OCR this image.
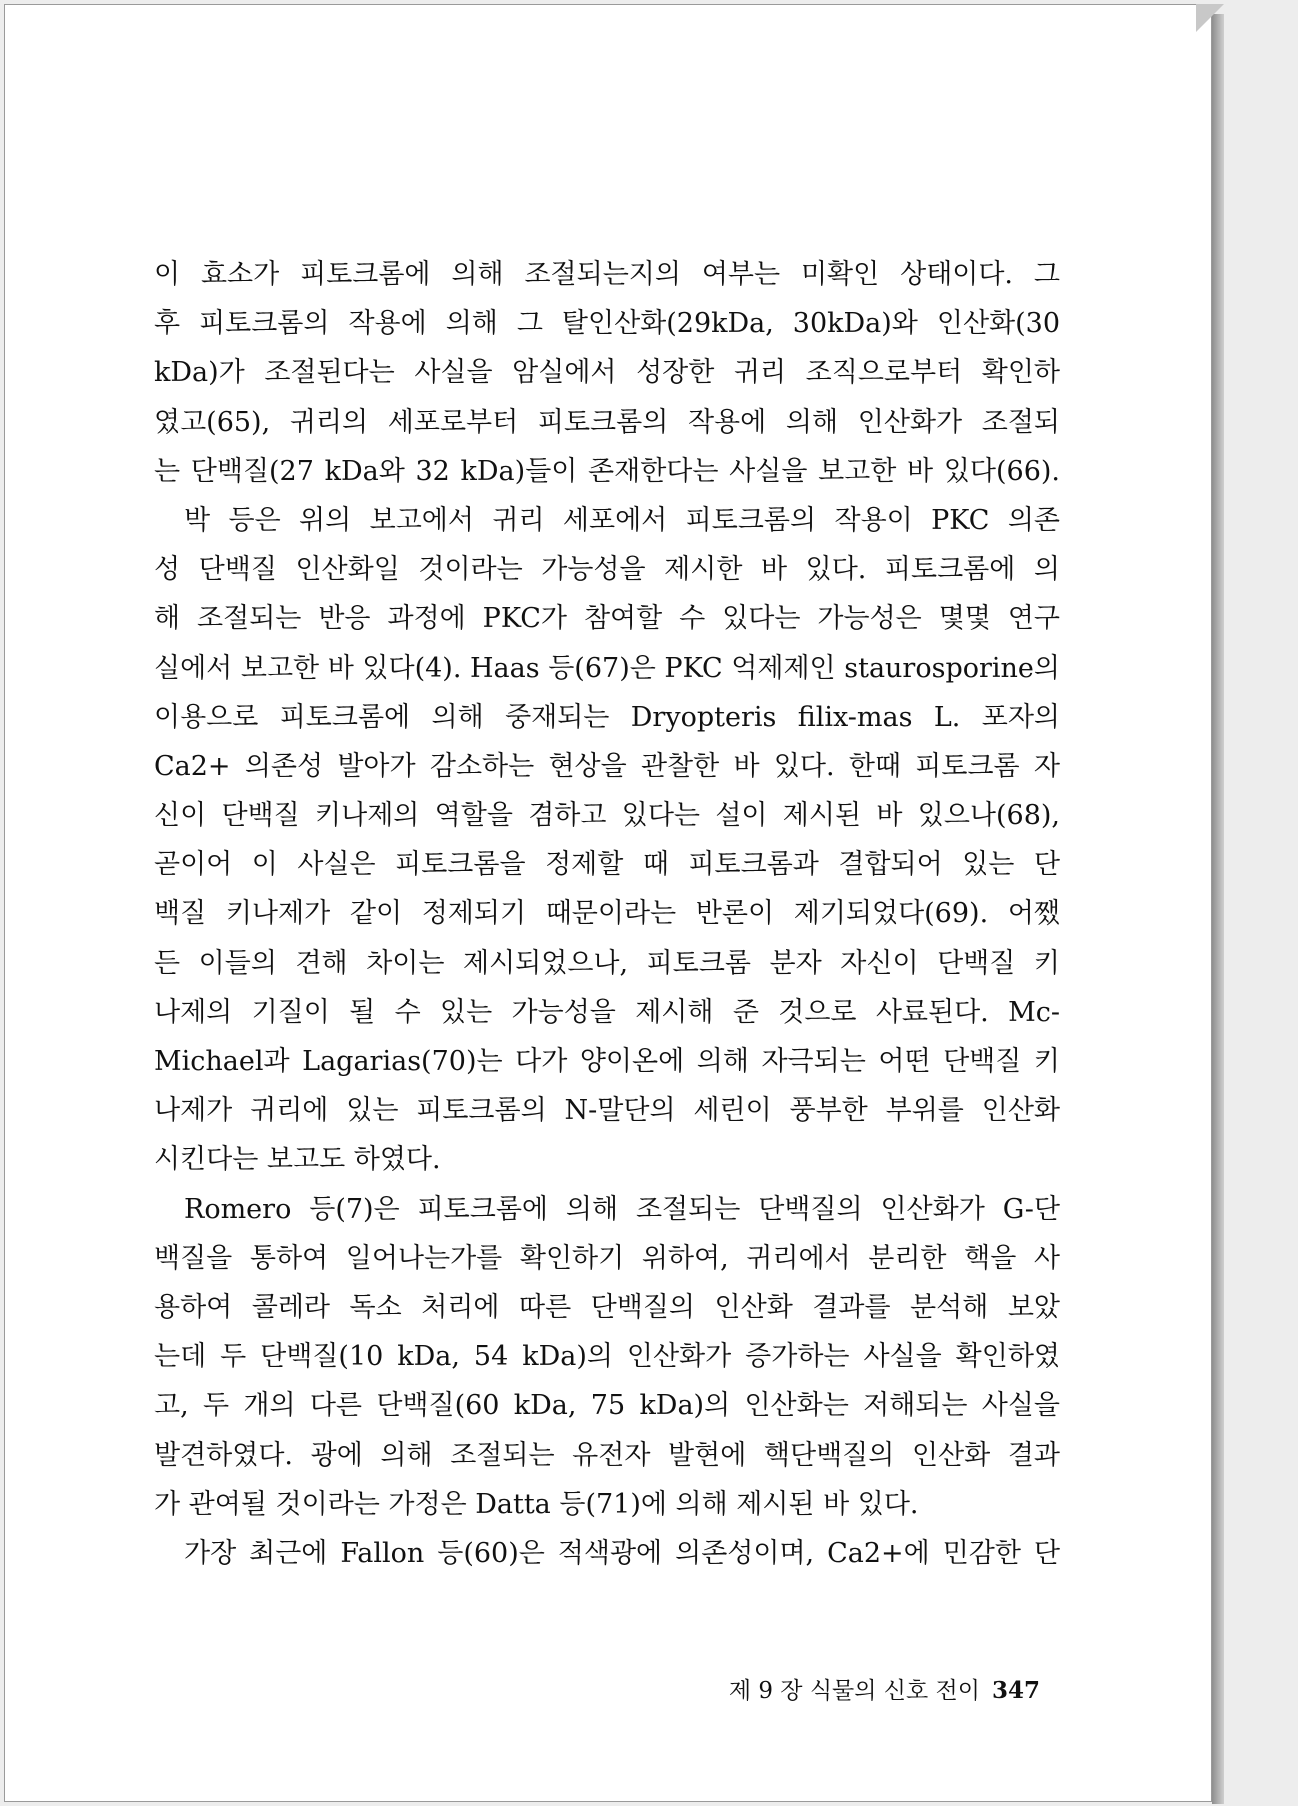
이 효소가 피토크롬에 의해 조절되는지의 여부는 미확인 상태이다. 그
후 피토크롬의 작용에 의해 그 탈인산화(29kDa, 30kDa)와 인산화(30
kDa)가 조절된다는 사실을 암실에서 성장한 귀리 조직으로부터 확인하
였고(65), 귀리의 세포로부터 피토크롬의 작용에 의해 인산화가 조절되
는 단백질(27 kDa와 32 kDa)들이 존재한다는 사실을 보고한 바 있다(66).
박 등은 위의 보고에서 귀리 세포에서 피토크롬의 작용이 PKC 의존
성 단백질 인산화일 것이라는 가능성을 제시한 바 있다. 피토크롬에 의
해 조절되는 반응 과정에 PKC가 참여할 수 있다는 가능성은 몇몇 연구
실에서 보고한 바 있다(4). Haas 등(67)은 PKC 억제제인 staurosporine의
이용으로 피토크롬에 의해 중재되는 Dryopteris filix-mas L. 포자의
Ca2+ 의존성 발아가 감소하는 현상을 관찰한 바 있다. 한때 피토크롬 자
신이 단백질 키나제의 역할을 겸하고 있다는 설이 제시된 바 있으나(68),
곧이어 이 사실은 피토크롬을 정제할 때 피토크롬과 결합되어 있는 단
백질 키나제가 같이 정제되기 때문이라는 반론이 제기되었다(69). 어쨌
든 이들의 견해 차이는 제시되었으나, 피토크롬 분자 자신이 단백질 키
나제의 기질이 될 수 있는 가능성을 제시해 준 것으로 사료된다. Mc-
Michael과 Lagarias(70)는 다가 양이온에 의해 자극되는 어떤 단백질 키
나제가 귀리에 있는 피토크롬의 N-말단의 세린이 풍부한 부위를 인산화
시킨다는 보고도 하였다.
Romero 등(7)은 피토크롬에 의해 조절되는 단백질의 인산화가 G-단
백질을 통하여 일어나는가를 확인하기 위하여, 귀리에서 분리한 핵을 사
용하여 콜레라 독소 처리에 따른 단백질의 인산화 결과를 분석해 보았
는데 두 단백질(10 kDa, 54 kDa)의 인산화가 증가하는 사실을 확인하였
고, 두 개의 다른 단백질(60 kDa, 75 kDa)의 인산화는 저해되는 사실을
발견하였다. 광에 의해 조절되는 유전자 발현에 핵단백질의 인산화 결과
가 관여될 것이라는 가정은 Datta 등(71)에 의해 제시된 바 있다.
가장 최근에 Fallon 등(60)은 적색광에 의존성이며, Ca2+에 민감한 단
제 9 장 식물의 신호 전이 347
